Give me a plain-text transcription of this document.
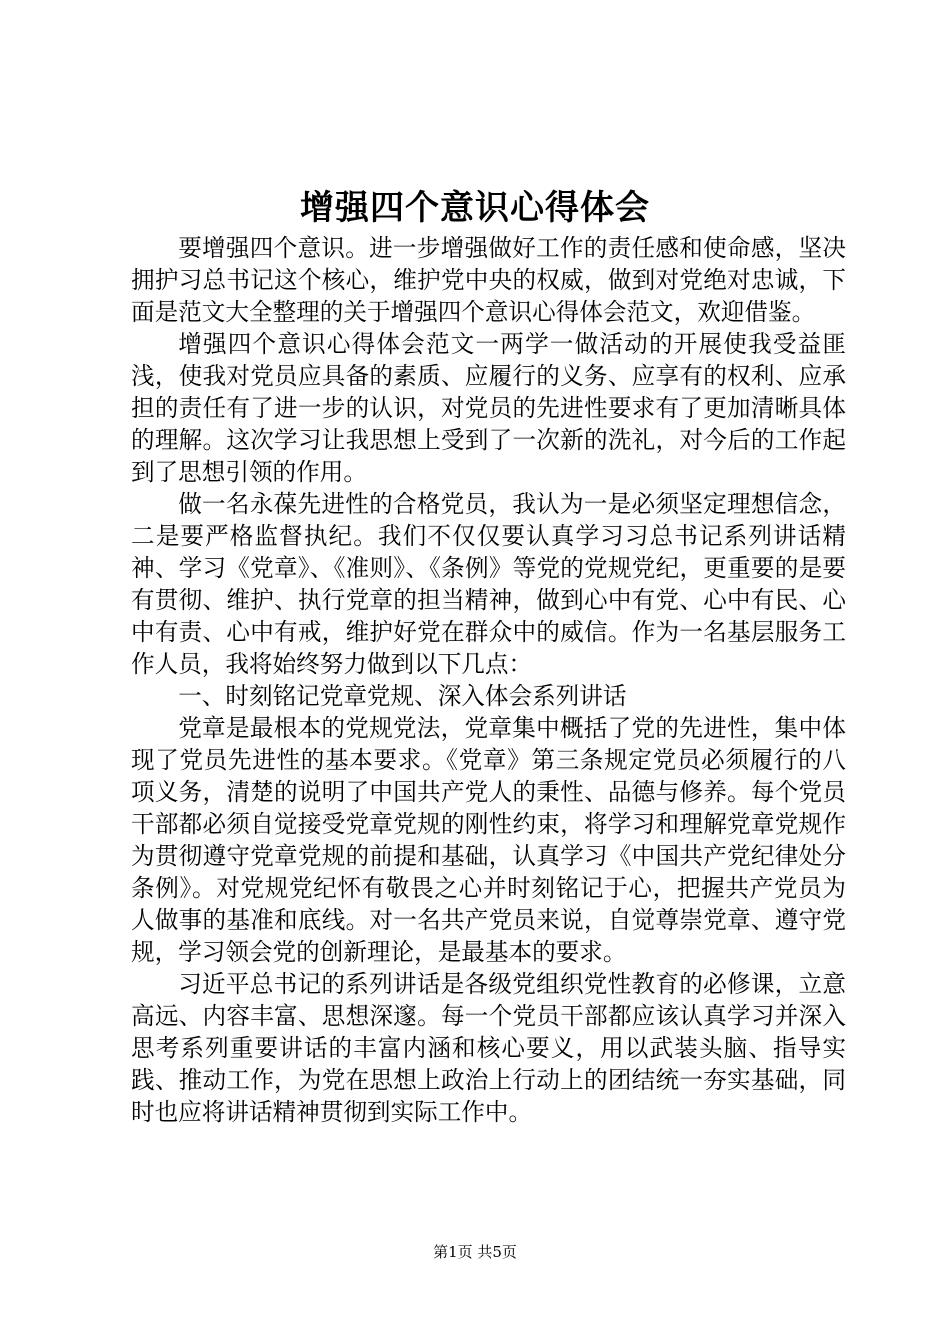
增强四个意识心得体会

要增强四个意识。进一步增强做好工作的责任感和使命感，坚决拥护习总书记这个核心，维护党中央的权威，做到对党绝对忠诚，下面是范文大全整理的关于增强四个意识心得体会范文，欢迎借鉴。

增强四个意识心得体会范文一两学一做活动的开展使我受益匪浅，使我对党员应具备的素质、应履行的义务、应享有的权利、应承担的责任有了进一步的认识，对党员的先进性要求有了更加清晰具体的理解。这次学习让我思想上受到了一次新的洗礼，对今后的工作起到了思想引领的作用。

做一名永葆先进性的合格党员，我认为一是必须坚定理想信念，二是要严格监督执纪。我们不仅仅要认真学习习总书记系列讲话精神、学习《党章》、《准则》、《条例》等党的党规党纪，更重要的是要有贯彻、维护、执行党章的担当精神，做到心中有党、心中有民、心中有责、心中有戒，维护好党在群众中的威信。作为一名基层服务工作人员，我将始终努力做到以下几点：

一、时刻铭记党章党规、深入体会系列讲话

党章是最根本的党规党法，党章集中概括了党的先进性，集中体现了党员先进性的基本要求。《党章》第三条规定党员必须履行的八项义务，清楚的说明了中国共产党人的秉性、品德与修养。每个党员干部都必须自觉接受党章党规的刚性约束，将学习和理解党章党规作为贯彻遵守党章党规的前提和基础，认真学习《中国共产党纪律处分条例》。对党规党纪怀有敬畏之心并时刻铭记于心，把握共产党员为人做事的基准和底线。对一名共产党员来说，自觉尊崇党章、遵守党规，学习领会党的创新理论，是最基本的要求。

习近平总书记的系列讲话是各级党组织党性教育的必修课，立意高远、内容丰富、思想深邃。每一个党员干部都应该认真学习并深入思考系列重要讲话的丰富内涵和核心要义，用以武装头脑、指导实践、推动工作，为党在思想上政治上行动上的团结统一夯实基础，同时也应将讲话精神贯彻到实际工作中。

第1页 共5页
